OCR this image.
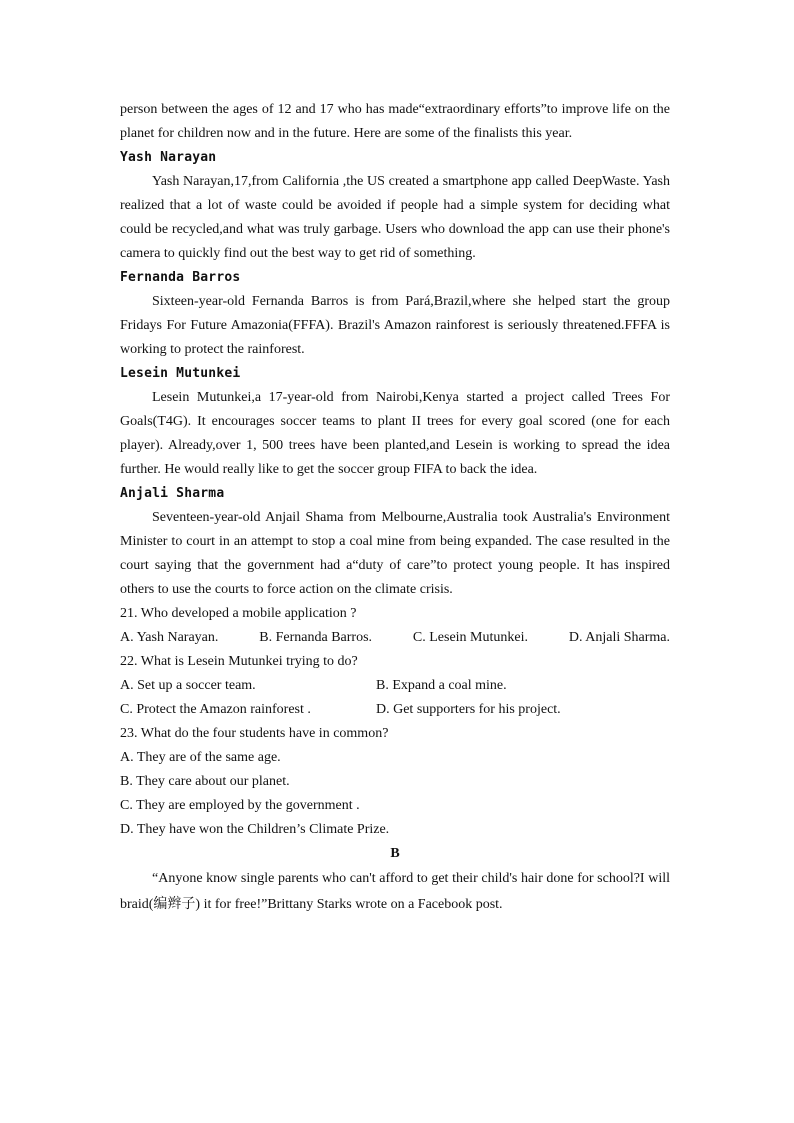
person between the ages of 12 and 17 who has made“extraordinary efforts”to improve life on the planet for children now and in the future. Here are some of the finalists this year.

Yash Narayan

Yash Narayan,17,from California ,the US created a smartphone app called DeepWaste. Yash realized that a lot of waste could be avoided if people had a simple system for deciding what could be recycled,and what was truly garbage. Users who download the app can use their phone's camera to quickly find out the best way to get rid of something.

Fernanda Barros

Sixteen-year-old Fernanda Barros is from Pará,Brazil,where she helped start the group Fridays For Future Amazonia(FFFA). Brazil's Amazon rainforest is seriously threatened.FFFA is working to protect the rainforest.

Lesein Mutunkei

Lesein Mutunkei,a 17-year-old from Nairobi,Kenya started a project called Trees For Goals(T4G). It encourages soccer teams to plant II trees for every goal scored (one for each player). Already,over 1, 500 trees have been planted,and Lesein is working to spread the idea further. He would really like to get the soccer group FIFA to back the idea.

Anjali Sharma

Seventeen-year-old Anjail Shama from Melbourne,Australia took Australia's Environment Minister to court in an attempt to stop a coal mine from being expanded. The case resulted in the court saying that the government had a“duty of care”to protect young people. It has inspired others to use the courts to force action on the climate crisis.

21. Who developed a mobile application ?

A. Yash Narayan.	B. Fernanda Barros.	C. Lesein Mutunkei.	D. Anjali Sharma.

22. What is Lesein Mutunkei trying to do?

A. Set up a soccer team.	B. Expand a coal mine.
C. Protect the Amazon rainforest .	D. Get supporters for his project.

23. What do the four students have in common?

A. They are of the same age.

B. They care about our planet.

C. They are employed by the government .

D. They have won the Children’s Climate Prize.

B

“Anyone know single parents who can't afford to get their child's hair done for school?I will braid(编辫子) it for free!”Brittany Starks wrote on a Facebook post.
